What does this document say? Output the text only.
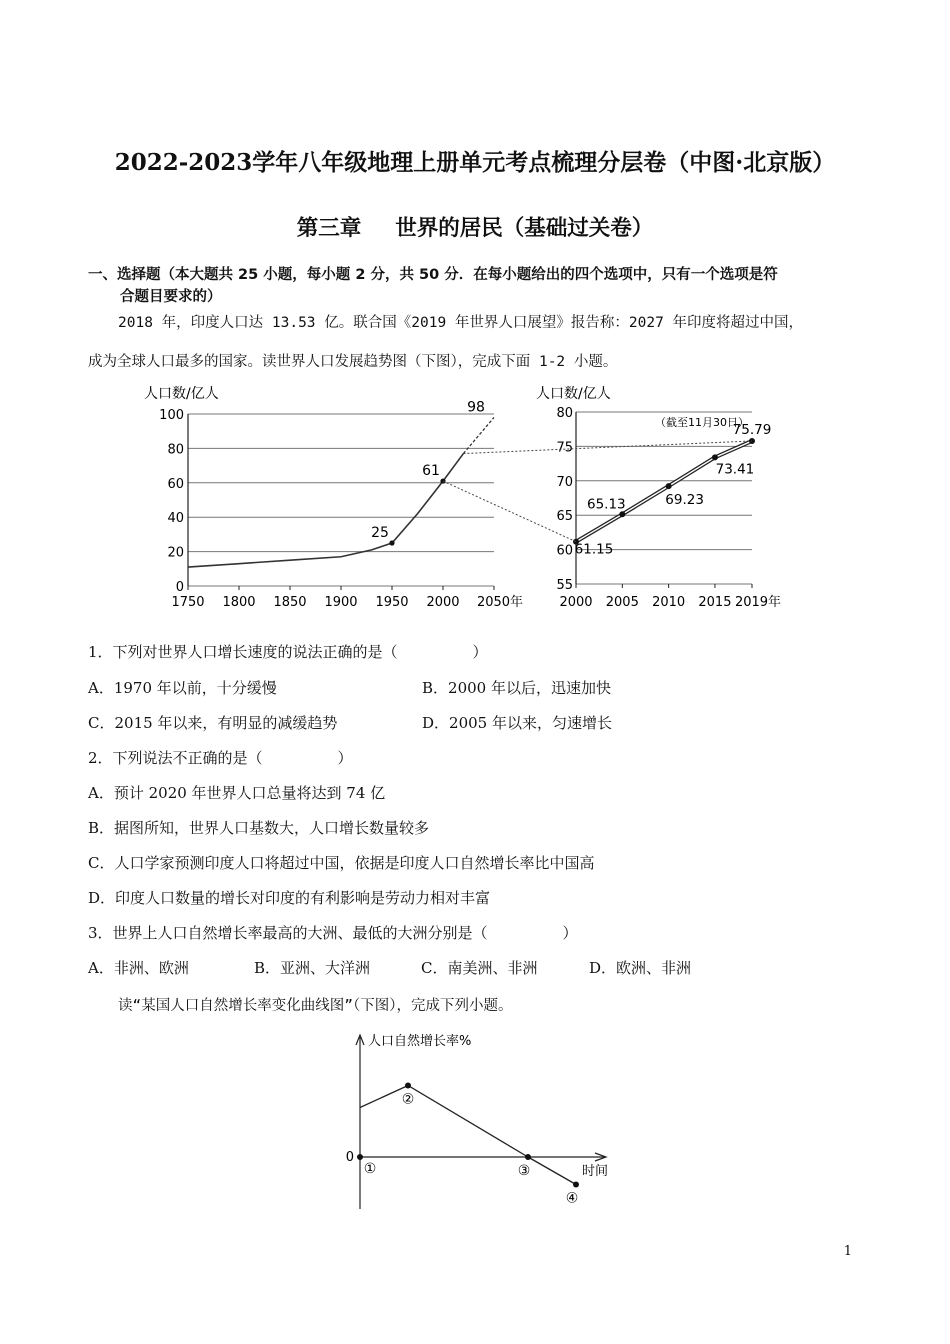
2022-2023学年八年级地理上册单元考点梳理分层卷（中图·北京版）
第三章 世界的居民（基础过关卷）
一、选择题（本大题共 25 小题，每小题 2 分，共 50 分．在每小题给出的四个选项中，只有一个选项是符
合题目要求的）
2018 年，印度人口达 13.53 亿。联合国《2019 年世界人口展望》报告称：2027 年印度将超过中国，
成为全球人口最多的国家。读世界人口发展趋势图（下图），完成下面 1-2 小题。
人口数/亿人
0
20
40
60
80
100
1750 1800 1850 1900 1950 2000 2050年
25
61
98
人口数/亿人
（截至11月30日）
55
60
65
70
75
80
2000 2005 2010 2015 2019年
61.15
65.13	69.23
73.41
75.79
1．下列对世界人口增长速度的说法正确的是（　　　　　）
A．1970 年以前，十分缓慢	B．2000 年以后，迅速加快
C．2015 年以来，有明显的减缓趋势	D．2005 年以来，匀速增长
2．下列说法不正确的是（　　　　　）
A．预计 2020 年世界人口总量将达到 74 亿
B．据图所知，世界人口基数大，人口增长数量较多
C．人口学家预测印度人口将超过中国，依据是印度人口自然增长率比中国高
D．印度人口数量的增长对印度的有利影响是劳动力相对丰富
3．世界上人口自然增长率最高的大洲、最低的大洲分别是（　　　　　）
A．非洲、欧洲	B．亚洲、大洋洲	C．南美洲、非洲	D．欧洲、非洲
读“某国人口自然增长率变化曲线图”（下图），完成下列小题。
人口自然增长率%
时间
0
①
②
③
④
1
